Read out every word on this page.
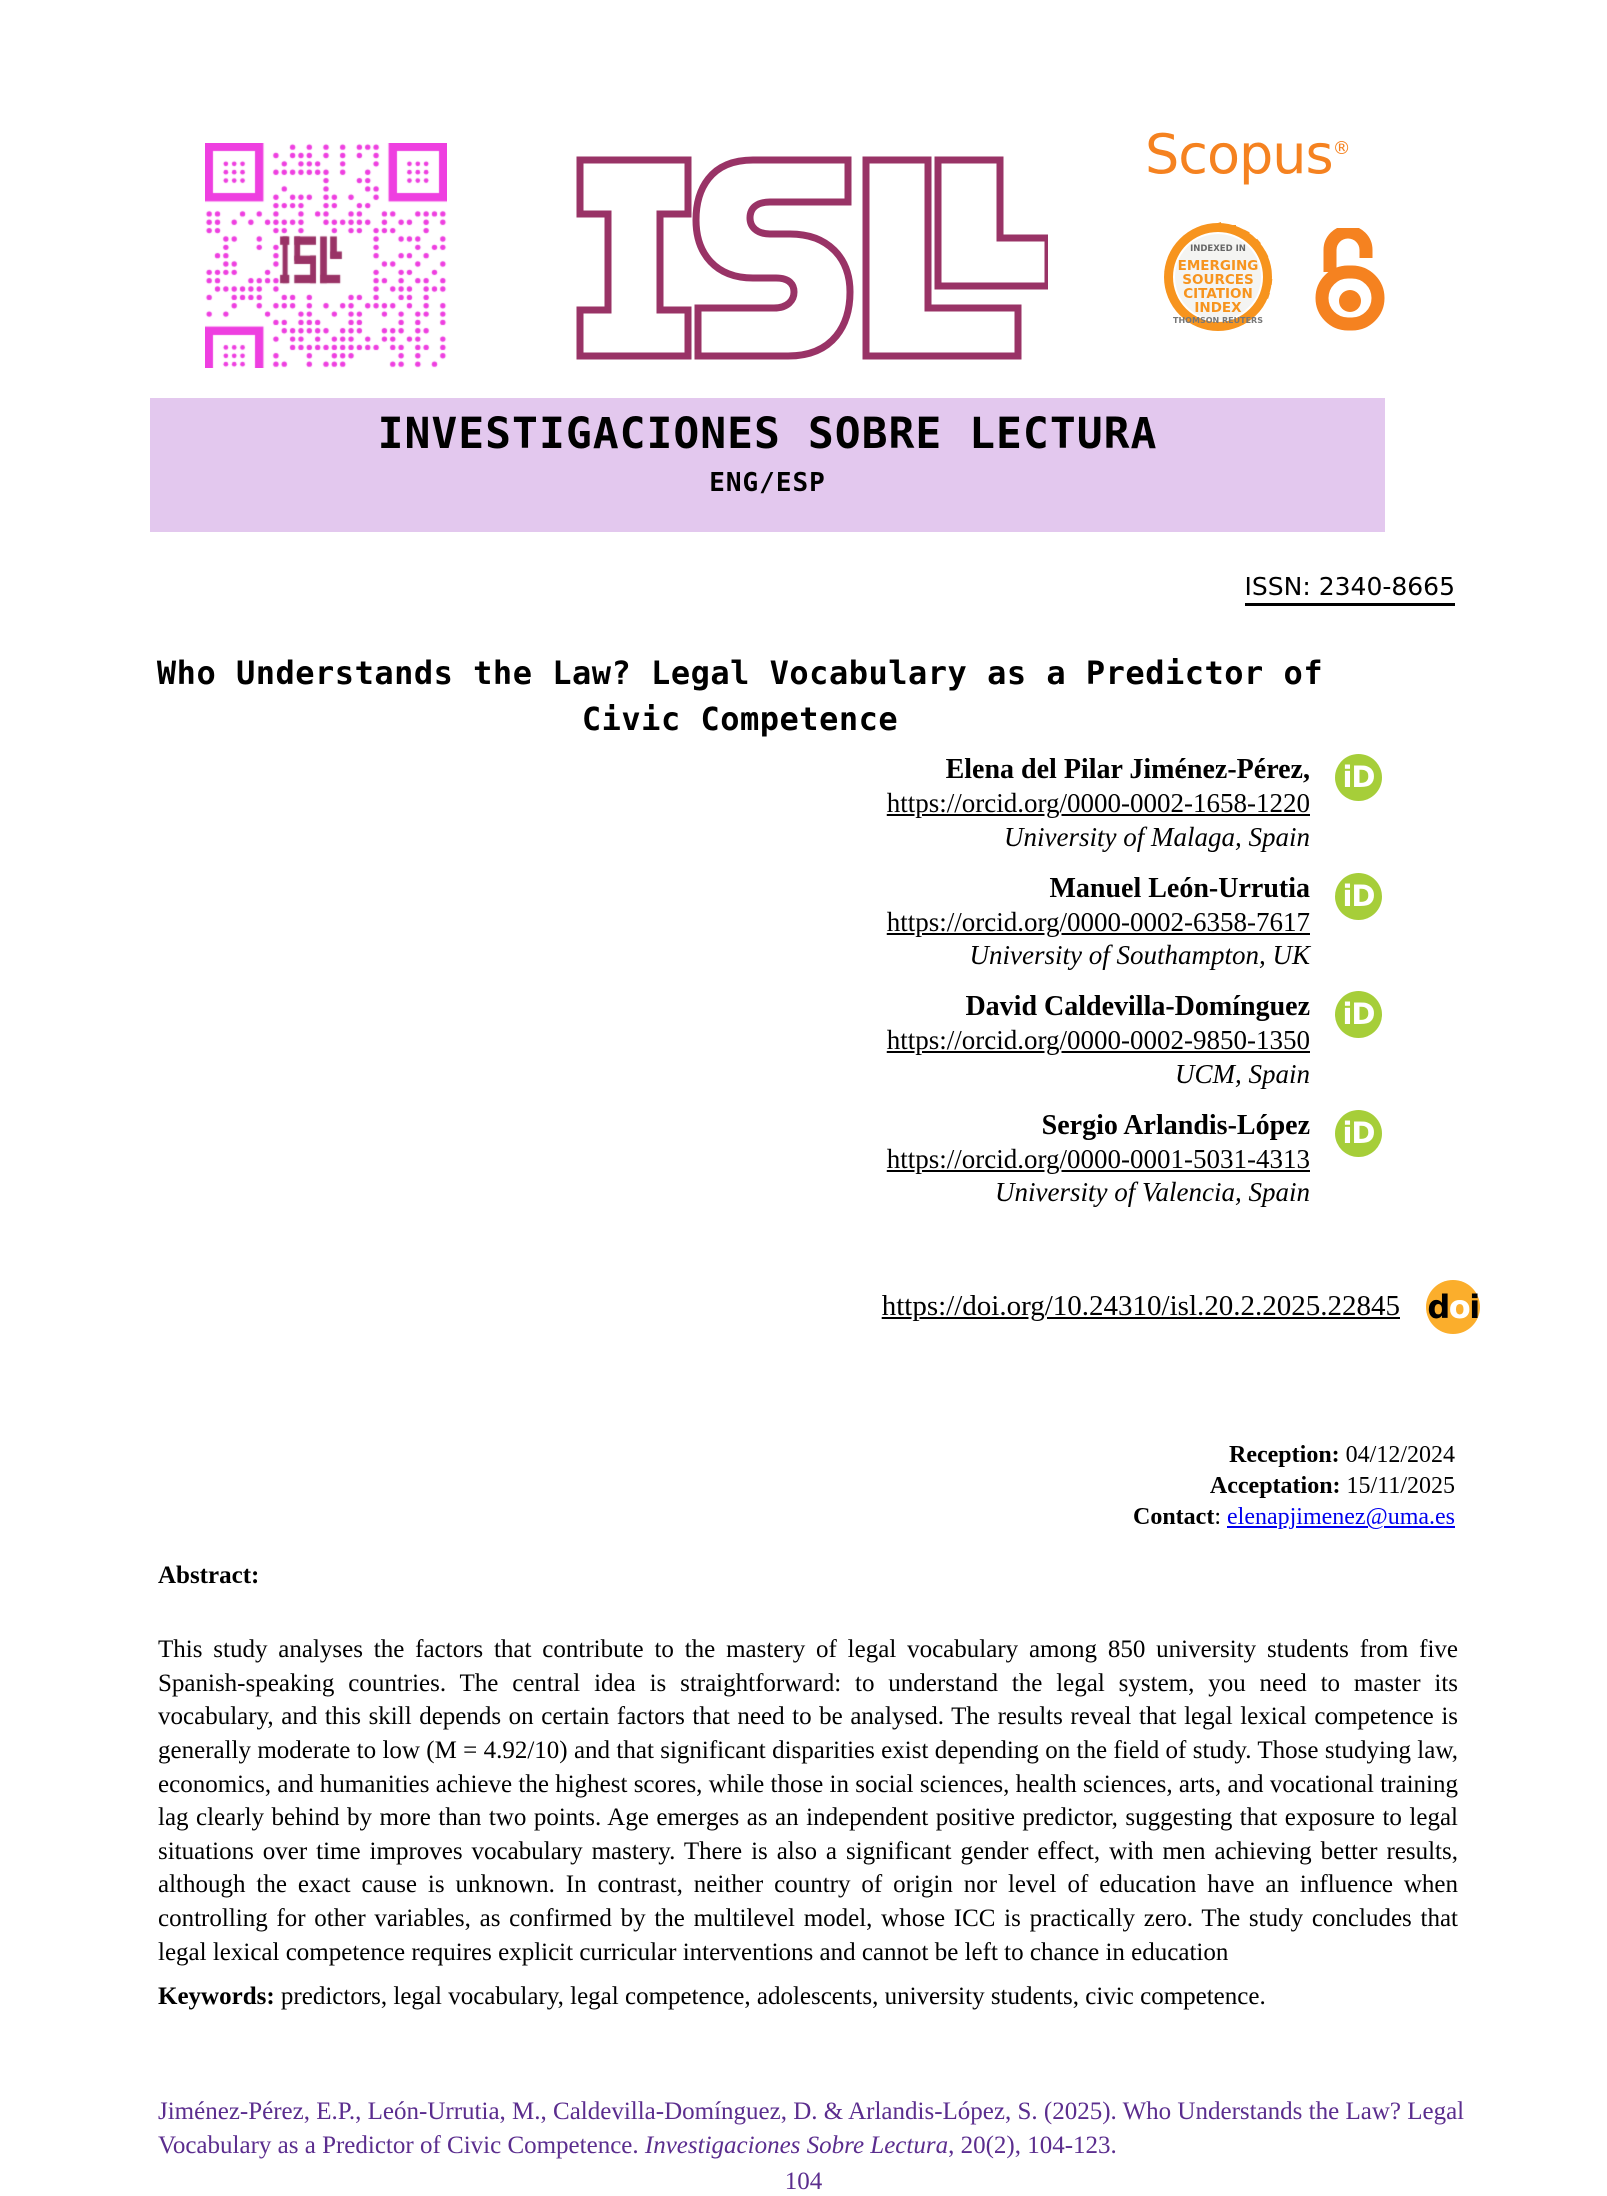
Scopus®
INDEXED IN
EMERGING
SOURCES
CITATION
INDEX
THOMSON REUTERS
INVESTIGACIONES SOBRE LECTURA
ENG/ESP
ISSN: 2340-8665
Who Understands the Law? Legal Vocabulary as a Predictor of Civic Competence
Elena del Pilar Jiménez-Pérez,
https://orcid.org/0000-0002-1658-1220
University of Malaga, Spain
iD
Manuel León-Urrutia
https://orcid.org/0000-0002-6358-7617
University of Southampton, UK
iD
David Caldevilla-Domínguez
https://orcid.org/0000-0002-9850-1350
UCM, Spain
iD
Sergio Arlandis-López
https://orcid.org/0000-0001-5031-4313
University of Valencia, Spain
iD
https://doi.org/10.24310/isl.20.2.2025.22845 doi
Reception: 04/12/2024
Acceptation: 15/11/2025
Contact: elenapjimenez@uma.es
Abstract:

This study analyses the factors that contribute to the mastery of legal vocabulary among 850 university students from five Spanish-speaking countries. The central idea is straightforward: to understand the legal system, you need to master its vocabulary, and this skill depends on certain factors that need to be analysed. The results reveal that legal lexical competence is generally moderate to low (M = 4.92/10) and that significant disparities exist depending on the field of study. Those studying law, economics, and humanities achieve the highest scores, while those in social sciences, health sciences, arts, and vocational training lag clearly behind by more than two points. Age emerges as an independent positive predictor, suggesting that exposure to legal situations over time improves vocabulary mastery. There is also a significant gender effect, with men achieving better results, although the exact cause is unknown. In contrast, neither country of origin nor level of education have an influence when controlling for other variables, as confirmed by the multilevel model, whose ICC is practically zero. The study concludes that legal lexical competence requires explicit curricular interventions and cannot be left to chance in education

Keywords: predictors, legal vocabulary, legal competence, adolescents, university students, civic competence.

Jiménez-Pérez, E.P., León-Urrutia, M., Caldevilla-Domínguez, D. & Arlandis-López, S. (2025). Who Understands the Law? Legal Vocabulary as a Predictor of Civic Competence. Investigaciones Sobre Lectura, 20(2), 104-123.

104
